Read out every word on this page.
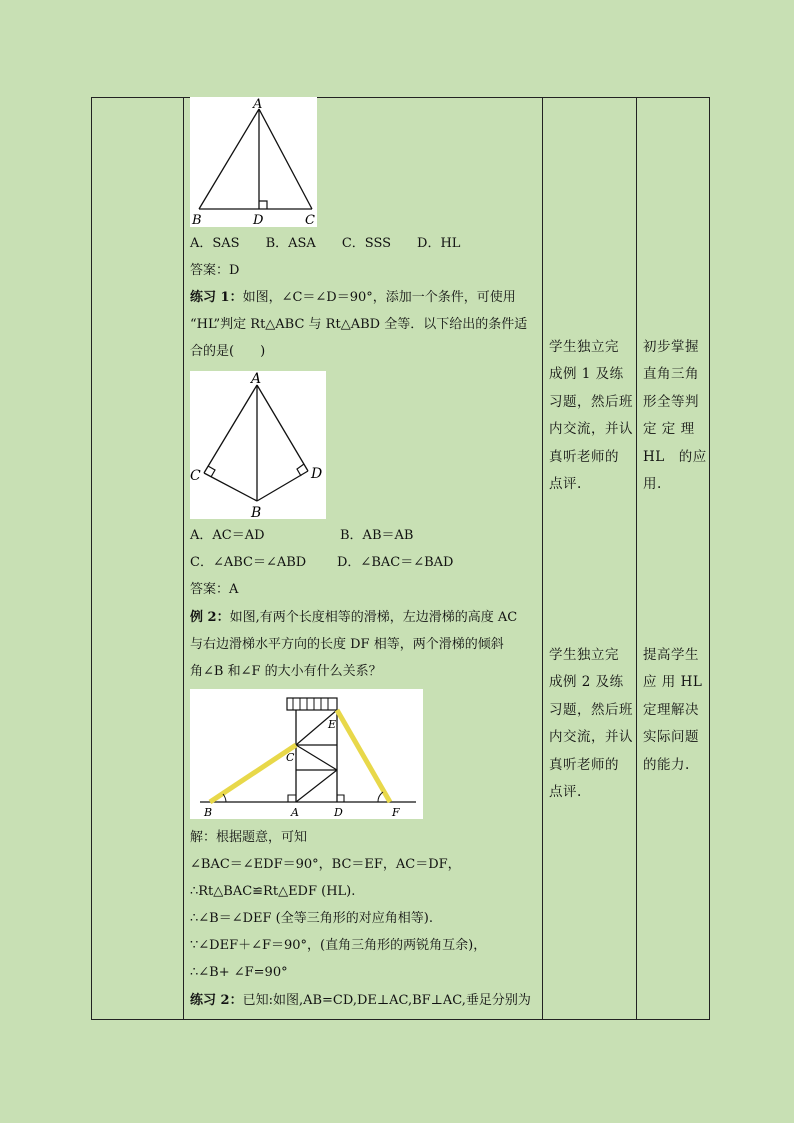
A
B	D	C
A．SAS　　B．ASA　　C．SSS　　D．HL
答案：D
练习 1：如图，∠C＝∠D＝90°，添加一个条件，可使用
“HL”判定 Rt△ABC 与 Rt△ABD 全等．以下给出的条件适
合的是(　　)
A
C	D
B
A．AC＝AD	B．AB＝AB
C．∠ABC＝∠ABD D．∠BAC＝∠BAD
答案：A
例 2：如图,有两个长度相等的滑梯，左边滑梯的高度 AC
与右边滑梯水平方向的长度 DF 相等，两个滑梯的倾斜
角∠B 和∠F 的大小有什么关系？
B	A	D	F
C
E
解：根据题意，可知
∠BAC＝∠EDF＝90°，BC＝EF，AC＝DF，
∴Rt△BAC≌Rt△EDF (HL).
∴∠B＝∠DEF (全等三角形的对应角相等).
∵∠DEF＋∠F＝90°，(直角三角形的两锐角互余)，
∴∠B+ ∠F=90°
练习 2：已知:如图,AB=CD,DE⊥AC,BF⊥AC,垂足分别为
学生独立完
成例 1 及练
习题，然后班
内交流，并认
真听老师的
点评.
学生独立完
成例 2 及练
习题，然后班
内交流，并认
真听老师的
点评.
初步掌握
直角三角
形全等判
定 定 理
HL　的应
用.
提高学生
应 用 HL
定理解决
实际问题
的能力.
